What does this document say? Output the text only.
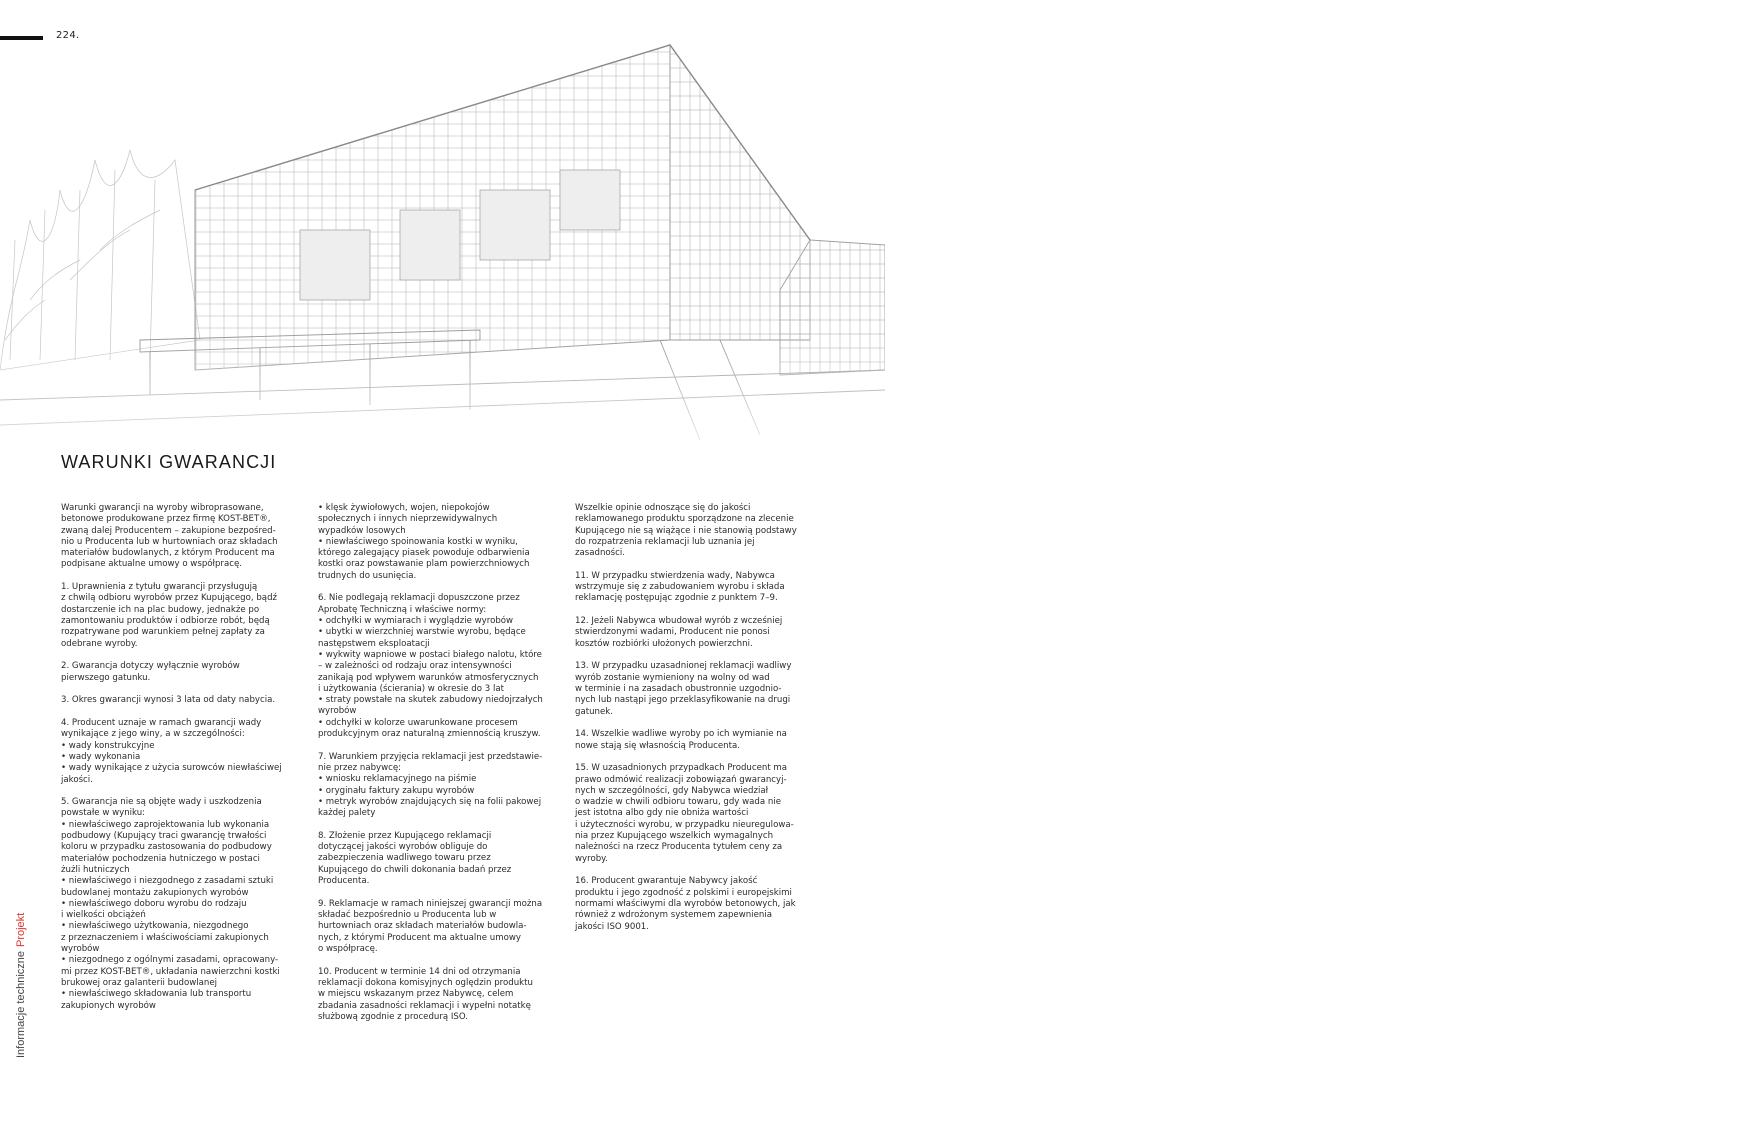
224.
WARUNKI GWARANCJI

Warunki gwarancji na wyroby wibroprasowane,
betonowe produkowane przez firmę KOST-BET®,
zwaną dalej Producentem – zakupione bezpośred-
nio u Producenta lub w hurtowniach oraz składach
materiałów budowlanych, z którym Producent ma
podpisane aktualne umowy o współpracę.

1. Uprawnienia z tytułu gwarancji przysługują
z chwilą odbioru wyrobów przez Kupującego, bądź
dostarczenie ich na plac budowy, jednakże po
zamontowaniu produktów i odbiorze robót, będą
rozpatrywane pod warunkiem pełnej zapłaty za
odebrane wyroby.

2. Gwarancja dotyczy wyłącznie wyrobów
pierwszego gatunku.

3. Okres gwarancji wynosi 3 lata od daty nabycia.

4. Producent uznaje w ramach gwarancji wady
wynikające z jego winy, a w szczególności:
• wady konstrukcyjne
• wady wykonania
• wady wynikające z użycia surowców niewłaściwej
jakości.

5. Gwarancja nie są objęte wady i uszkodzenia
powstałe w wyniku:
• niewłaściwego zaprojektowania lub wykonania
podbudowy (Kupujący traci gwarancję trwałości
koloru w przypadku zastosowania do podbudowy
materiałów pochodzenia hutniczego w postaci
żużli hutniczych
• niewłaściwego i niezgodnego z zasadami sztuki
budowlanej montażu zakupionych wyrobów
• niewłaściwego doboru wyrobu do rodzaju
i wielkości obciążeń
• niewłaściwego użytkowania, niezgodnego
z przeznaczeniem i właściwościami zakupionych
wyrobów
• niezgodnego z ogólnymi zasadami, opracowany-
mi przez KOST-BET®, układania nawierzchni kostki
brukowej oraz galanterii budowlanej
• niewłaściwego składowania lub transportu
zakupionych wyrobów

• klęsk żywiołowych, wojen, niepokojów
społecznych i innych nieprzewidywalnych
wypadków losowych
• niewłaściwego spoinowania kostki w wyniku,
którego zalegający piasek powoduje odbarwienia
kostki oraz powstawanie plam powierzchniowych
trudnych do usunięcia.

6. Nie podlegają reklamacji dopuszczone przez
Aprobatę Techniczną i właściwe normy:
• odchyłki w wymiarach i wyglądzie wyrobów
• ubytki w wierzchniej warstwie wyrobu, będące
następstwem eksploatacji
• wykwity wapniowe w postaci białego nalotu, które
– w zależności od rodzaju oraz intensywności
zanikają pod wpływem warunków atmosferycznych
i użytkowania (ścierania) w okresie do 3 lat
• straty powstałe na skutek zabudowy niedojrzałych
wyrobów
• odchyłki w kolorze uwarunkowane procesem
produkcyjnym oraz naturalną zmiennością kruszyw.

7. Warunkiem przyjęcia reklamacji jest przedstawie-
nie przez nabywcę:
• wniosku reklamacyjnego na piśmie
• oryginału faktury zakupu wyrobów
• metryk wyrobów znajdujących się na folii pakowej
każdej palety

8. Złożenie przez Kupującego reklamacji
dotyczącej jakości wyrobów obliguje do
zabezpieczenia wadliwego towaru przez
Kupującego do chwili dokonania badań przez
Producenta.

9. Reklamacje w ramach niniejszej gwarancji można
składać bezpośrednio u Producenta lub w
hurtowniach oraz składach materiałów budowla-
nych, z którymi Producent ma aktualne umowy
o współpracę.

10. Producent w terminie 14 dni od otrzymania
reklamacji dokona komisyjnych oględzin produktu
w miejscu wskazanym przez Nabywcę, celem
zbadania zasadności reklamacji i wypełni notatkę
służbową zgodnie z procedurą ISO.

Wszelkie opinie odnoszące się do jakości
reklamowanego produktu sporządzone na zlecenie
Kupującego nie są wiążące i nie stanowią podstawy
do rozpatrzenia reklamacji lub uznania jej
zasadności.

11. W przypadku stwierdzenia wady, Nabywca
wstrzymuje się z zabudowaniem wyrobu i składa
reklamację postępując zgodnie z punktem 7–9.

12. Jeżeli Nabywca wbudował wyrób z wcześniej
stwierdzonymi wadami, Producent nie ponosi
kosztów rozbiórki ułożonych powierzchni.

13. W przypadku uzasadnionej reklamacji wadliwy
wyrób zostanie wymieniony na wolny od wad
w terminie i na zasadach obustronnie uzgodnio-
nych lub nastąpi jego przeklasyfikowanie na drugi
gatunek.

14. Wszelkie wadliwe wyroby po ich wymianie na
nowe stają się własnością Producenta.

15. W uzasadnionych przypadkach Producent ma
prawo odmówić realizacji zobowiązań gwarancyj-
nych w szczególności, gdy Nabywca wiedział
o wadzie w chwili odbioru towaru, gdy wada nie
jest istotna albo gdy nie obniża wartości
i użyteczności wyrobu, w przypadku nieuregulowa-
nia przez Kupującego wszelkich wymagalnych
należności na rzecz Producenta tytułem ceny za
wyroby.

16. Producent gwarantuje Nabywcy jakość
produktu i jego zgodność z polskimi i europejskimi
normami właściwymi dla wyrobów betonowych, jak
również z wdrożonym systemem zapewnienia
jakości ISO 9001.

Informacje techniczneProjekt
